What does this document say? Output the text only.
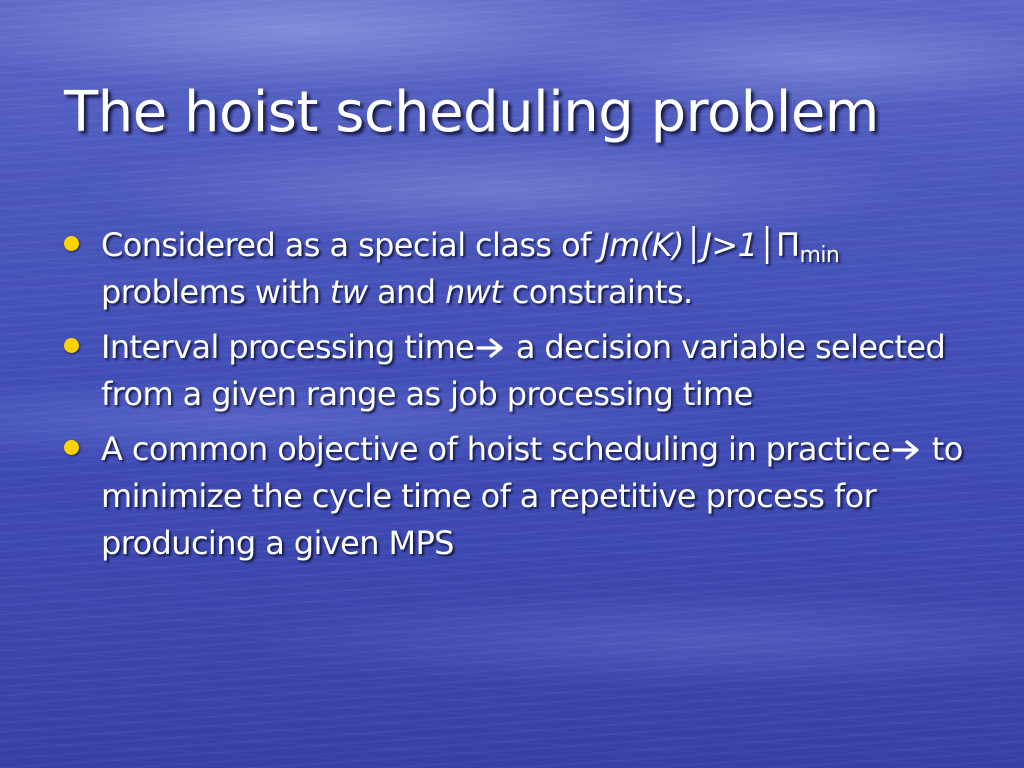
The hoist scheduling problem
Considered as a special class of $Jm(K)│J>1│\Pi_{min}$
problems with tw and nwt constraints.
Interval processing time
a decision variable selected from a given range as job processing time
A common objective of hoist scheduling in practice
to minimize the cycle time of a repetitive process for producing a given MPS
